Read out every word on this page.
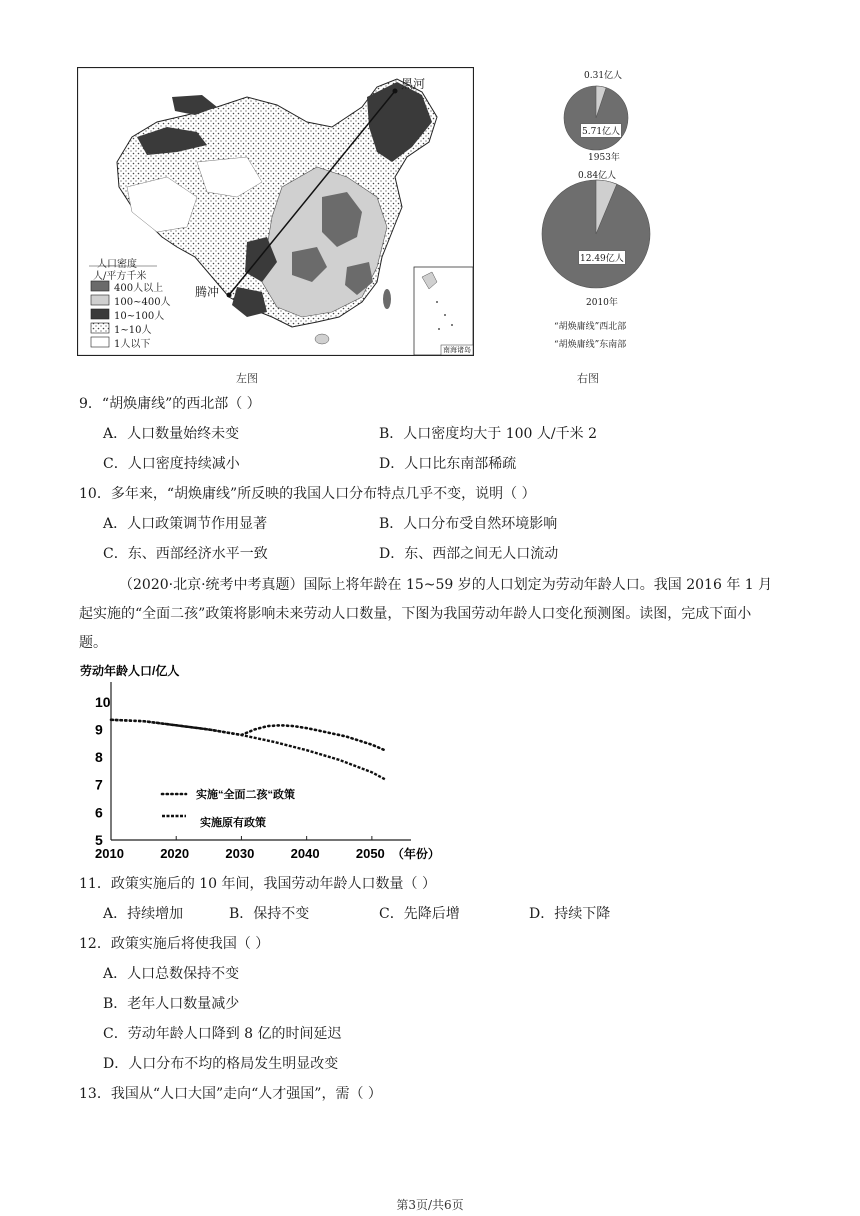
人口密度
人/平方千米
400人以上
100~400人
10~100人
1~10人
1人以下
黑河
腾冲
南海诸岛
左图
0.31亿人
5.71亿人
1953年
0.84亿人
12.49亿人
2010年
“胡焕庸线”西北部
“胡焕庸线”东南部
右图
9．“胡焕庸线”的西北部（ ）
A．人口数量始终未变	B．人口密度均大于 100 人/千米 2
C．人口密度持续减小	D．人口比东南部稀疏
10．多年来，“胡焕庸线”所反映的我国人口分布特点几乎不变，说明（ ）
A．人口政策调节作用显著	B．人口分布受自然环境影响
C．东、西部经济水平一致	D．东、西部之间无人口流动
（2020·北京·统考中考真题）国际上将年龄在 15~59 岁的人口划定为劳动年龄人口。我国 2016 年 1 月起实施的“全面二孩”政策将影响未来劳动人口数量，下图为我国劳动年龄人口变化预测图。读图，完成下面小题。
劳动年龄人口/亿人
5
6
7
8
9
10
2010	2020	2030	2040	2050 （年份）
实施“全面二孩“政策
实施原有政策
11．政策实施后的 10 年间，我国劳动年龄人口数量（ ）
A．持续增加	B．保持不变	C．先降后增	D．持续下降
12．政策实施后将使我国（ ）
A．人口总数保持不变
B．老年人口数量减少
C．劳动年龄人口降到 8 亿的时间延迟
D．人口分布不均的格局发生明显改变
13．我国从“人口大国”走向“人才强国”，需（ ）
第3页/共6页
